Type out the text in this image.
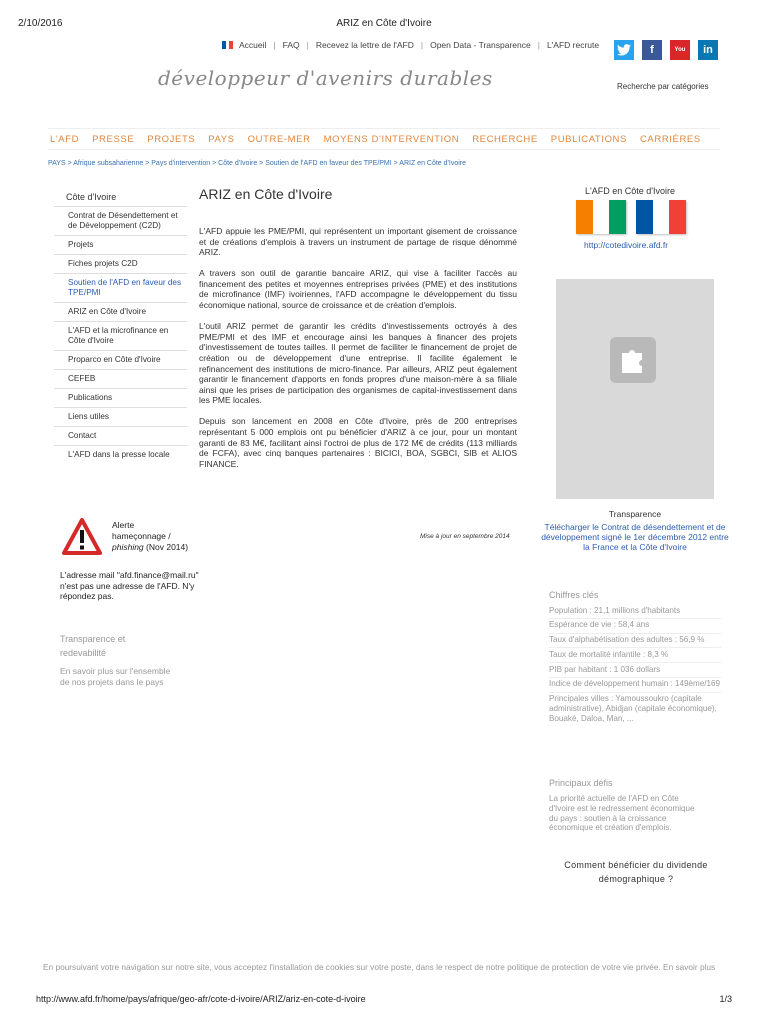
2/10/2016	ARIZ en Côte d'Ivoire
Accueil | FAQ | Recevez la lettre de l'AFD | Open Data - Transparence | L'AFD recrute	f	You	in
développeur d'avenirs durables	Recherche par catégories
L'AFD PRESSE PROJETS PAYS OUTRE-MER MOYENS D'INTERVENTION RECHERCHE PUBLICATIONS CARRIÈRES
PAYS > Afrique subsaharienne > Pays d'intervention > Côte d'Ivoire > Soutien de l'AFD en faveur des TPE/PMI > ARIZ en Côte d'Ivoire
Côte d'Ivoire
Contrat de Désendettement et de Développement (C2D)
Projets
Fiches projets C2D
Soutien de l'AFD en faveur des TPE/PMI
ARIZ en Côte d'Ivoire
L'AFD et la microfinance en Côte d'Ivoire
Proparco en Côte d'Ivoire
CEFEB
Publications
Liens utiles
Contact
L'AFD dans la presse locale
Alerte hameçonnage / phishing (Nov 2014)
L'adresse mail "afd.finance@mail.ru" n'est pas une adresse de l'AFD. N'y répondez pas.
Transparence et redevabilité
En savoir plus sur l'ensemble de nos projets dans le pays
ARIZ en Côte d'Ivoire

L'AFD appuie les PME/PMI, qui représentent un important gisement de croissance et de créations d'emplois à travers un instrument de partage de risque dénommé ARIZ.

A travers son outil de garantie bancaire ARIZ, qui vise à faciliter l'accès au financement des petites et moyennes entreprises privées (PME) et des institutions de microfinance (IMF) ivoiriennes, l'AFD accompagne le développement du tissu économique national, source de croissance et de création d'emplois.

L'outil ARIZ permet de garantir les crédits d'investissements octroyés à des PME/PMI et des IMF et encourage ainsi les banques à financer des projets d'investissement de toutes tailles. Il permet de faciliter le financement de projet de création ou de développement d'une entreprise. Il facilite également le refinancement des institutions de micro-finance. Par ailleurs, ARIZ peut également garantir le financement d'apports en fonds propres d'une maison-mère à sa filiale ainsi que les prises de participation des organismes de capital-investissement dans les PME locales.

Depuis son lancement en 2008 en Côte d'Ivoire, près de 200 entreprises représentant 5 000 emplois ont pu bénéficier d'ARIZ à ce jour, pour un montant garanti de 83 M€, facilitant ainsi l'octroi de plus de 172 M€ de crédits (113 milliards de FCFA), avec cinq banques partenaires : BICICI, BOA, SGBCI, SIB et ALIOS FINANCE.

Mise à jour en septembre 2014
L'AFD en Côte d'Ivoire
http://cotedivoire.afd.fr
Transparence
Télécharger le Contrat de désendettement et de développement signé le 1er décembre 2012 entre la France et la Côte d'Ivoire
Chiffres clés
Population : 21,1 millions d'habitants
Espérance de vie : 58,4 ans
Taux d'alphabétisation des adultes : 56,9 %
Taux de mortalité infantile : 8,3 %
PIB par habitant : 1 036 dollars
Indice de développement humain : 149ème/169
Principales villes : Yamoussoukro (capitale administrative), Abidjan (capitale économique), Bouaké, Daloa, Man, ...
Principaux défis
La priorité actuelle de l'AFD en Côte d'Ivoire est le redressement économique du pays : soutien à la croissance économique et création d'emplois.
Comment bénéficier du dividende démographique ?
En poursuivant votre navigation sur notre site, vous acceptez l'installation de cookies sur votre poste, dans le respect de notre politique de protection de votre vie privée. En savoir plus
http://www.afd.fr/home/pays/afrique/geo-afr/cote-d-ivoire/ARIZ/ariz-en-cote-d-ivoire	1/3
